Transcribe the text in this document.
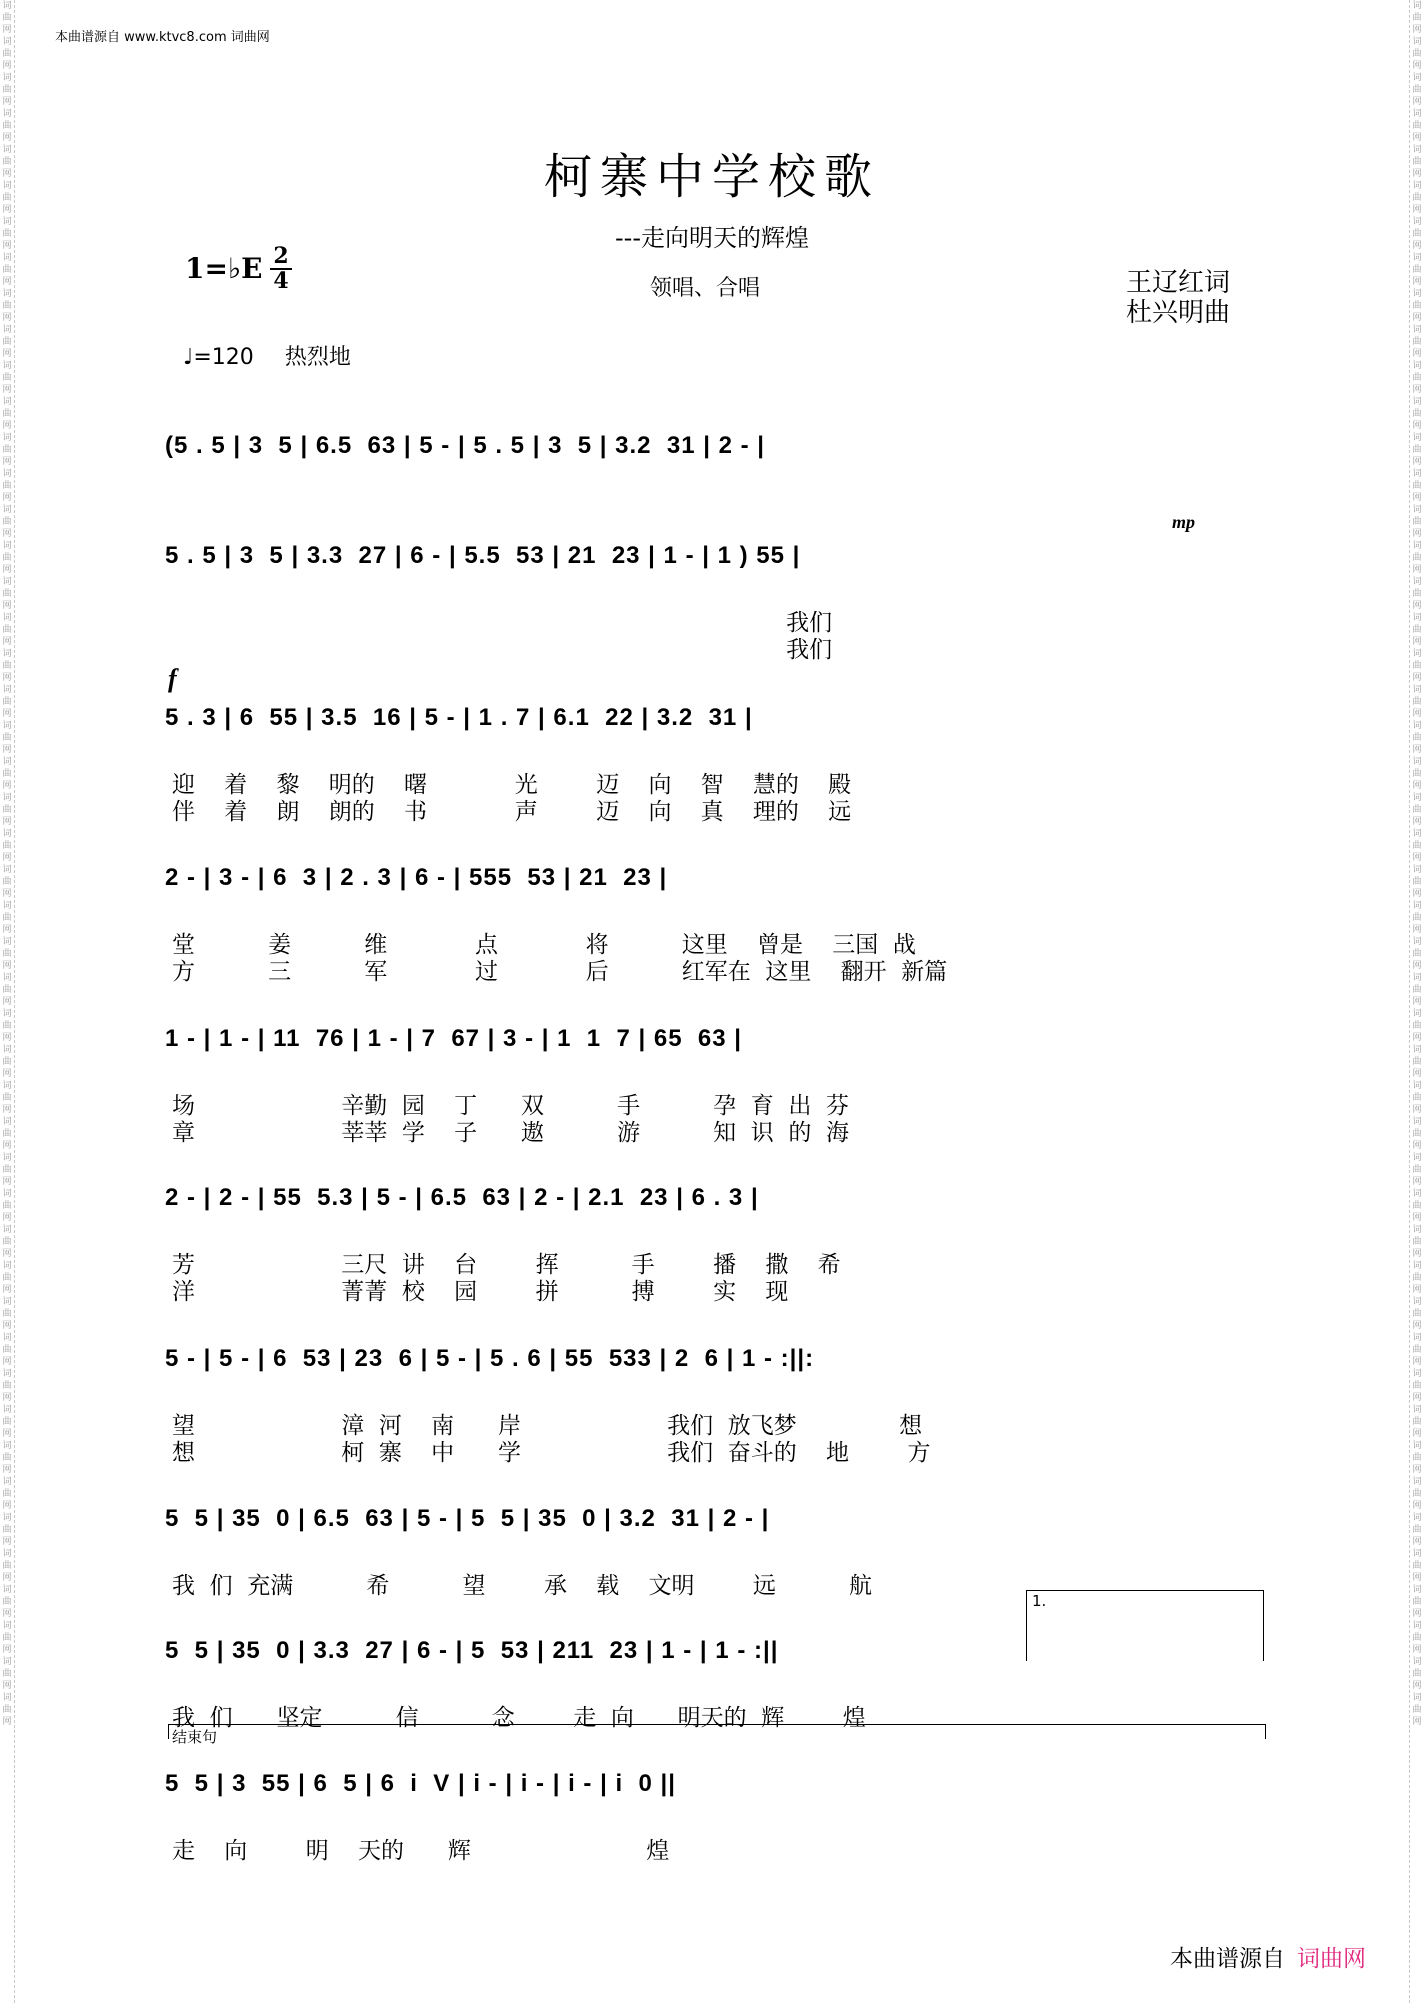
词曲网词曲网词曲网词曲网词曲网词曲网词曲网词曲网词曲网词曲网词曲网词曲网词曲网词曲网词曲网词曲网词曲网词曲网词曲网词曲网词曲网词曲网词曲网词曲网词曲网词曲网词曲网词曲网词曲网词曲网词曲网词曲网词曲网词曲网词曲网词曲网词曲网词曲网词曲网词曲网词曲网词曲网词曲网词曲网词曲网词曲网词曲网词曲网
词曲网词曲网词曲网词曲网词曲网词曲网词曲网词曲网词曲网词曲网词曲网词曲网词曲网词曲网词曲网词曲网词曲网词曲网词曲网词曲网词曲网词曲网词曲网词曲网词曲网词曲网词曲网词曲网词曲网词曲网词曲网词曲网词曲网词曲网词曲网词曲网词曲网词曲网词曲网词曲网词曲网词曲网词曲网词曲网词曲网词曲网词曲网词曲网
本曲谱源自 www.ktvc8.com 词曲网
柯寨中学校歌
---走向明天的辉煌
1=♭E 2
4	领唱、合唱	王辽红词
杜兴明曲
♩=120 热烈地
mp
f
1.
结束句
(5 . 5 | 3  5 | 6.5  63 | 5 - | 5 . 5 | 3  5 | 3.2  31 | 2 - |
5 . 5 | 3  5 | 3.3  27 | 6 - | 5.5  53 | 21  23 | 1 - | 1 ) 55 |
我们
我们
5 . 3 | 6  55 | 3.5  16 | 5 - | 1 . 7 | 6.1  22 | 3.2  31 |
迎    着    黎    明的    曙            光        迈    向    智    慧的    殿
伴    着    朗    朗的    书            声        迈    向    真    理的    远
2 - | 3 - | 6  3 | 2 . 3 | 6 - | 555  53 | 21  23 |
堂          姜          维            点            将          这里    曾是    三国  战
方          三          军            过            后          红军在  这里    翻开  新篇
1 - | 1 - | 11  76 | 1 - | 7  67 | 3 - | 1  1  7 | 65  63 |
场                    辛勤  园    丁      双          手          孕  育  出  芬
章                    莘莘  学    子      遨          游          知  识  的  海
2 - | 2 - | 55  5.3 | 5 - | 6.5  63 | 2 - | 2.1  23 | 6 . 3 |
芳                    三尺  讲    台        挥          手        播    撒    希
洋                    菁菁  校    园        拼          搏        实    现
5 - | 5 - | 6  53 | 23  6 | 5 - | 5 . 6 | 55  533 | 2  6 | 1 - :||:
望                    漳  河    南      岸                    我们  放飞梦              想
想                    柯  寨    中      学                    我们  奋斗的    地        方
5  5 | 35  0 | 6.5  63 | 5 - | 5  5 | 35  0 | 3.2  31 | 2 - |
我  们  充满          希          望        承    载    文明        远          航
5  5 | 35  0 | 3.3  27 | 6 - | 5  53 | 211  23 | 1 - | 1 - :||
我  们      坚定          信          念        走  向      明天的  辉        煌
5  5 | 3  55 | 6  5 | 6  i  V | i - | i - | i - | i  0 ||
走    向        明    天的      辉                        煌
本曲谱源自 词曲网
